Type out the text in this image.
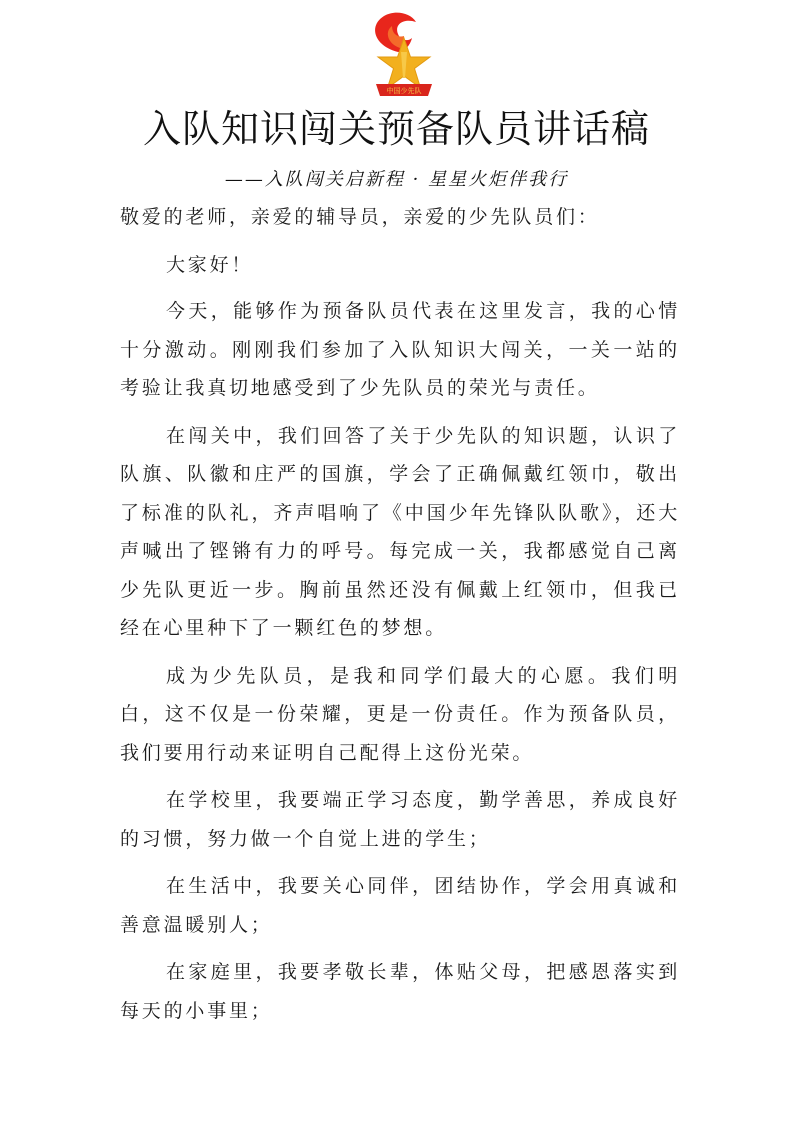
中国少先队
入队知识闯关预备队员讲话稿
——入队闯关启新程 · 星星火炬伴我行

敬爱的老师，亲爱的辅导员，亲爱的少先队员们：

大家好！

今天，能够作为预备队员代表在这里发言，我的心情十分激动。刚刚我们参加了入队知识大闯关，一关一站的考验让我真切地感受到了少先队员的荣光与责任。

在闯关中，我们回答了关于少先队的知识题，认识了队旗、队徽和庄严的国旗，学会了正确佩戴红领巾，敬出了标准的队礼，齐声唱响了《中国少年先锋队队歌》，还大声喊出了铿锵有力的呼号。每完成一关，我都感觉自己离少先队更近一步。胸前虽然还没有佩戴上红领巾，但我已经在心里种下了一颗红色的梦想。

成为少先队员，是我和同学们最大的心愿。我们明白，这不仅是一份荣耀，更是一份责任。作为预备队员，我们要用行动来证明自己配得上这份光荣。

在学校里，我要端正学习态度，勤学善思，养成良好的习惯，努力做一个自觉上进的学生；

在生活中，我要关心同伴，团结协作，学会用真诚和善意温暖别人；

在家庭里，我要孝敬长辈，体贴父母，把感恩落实到每天的小事里；
